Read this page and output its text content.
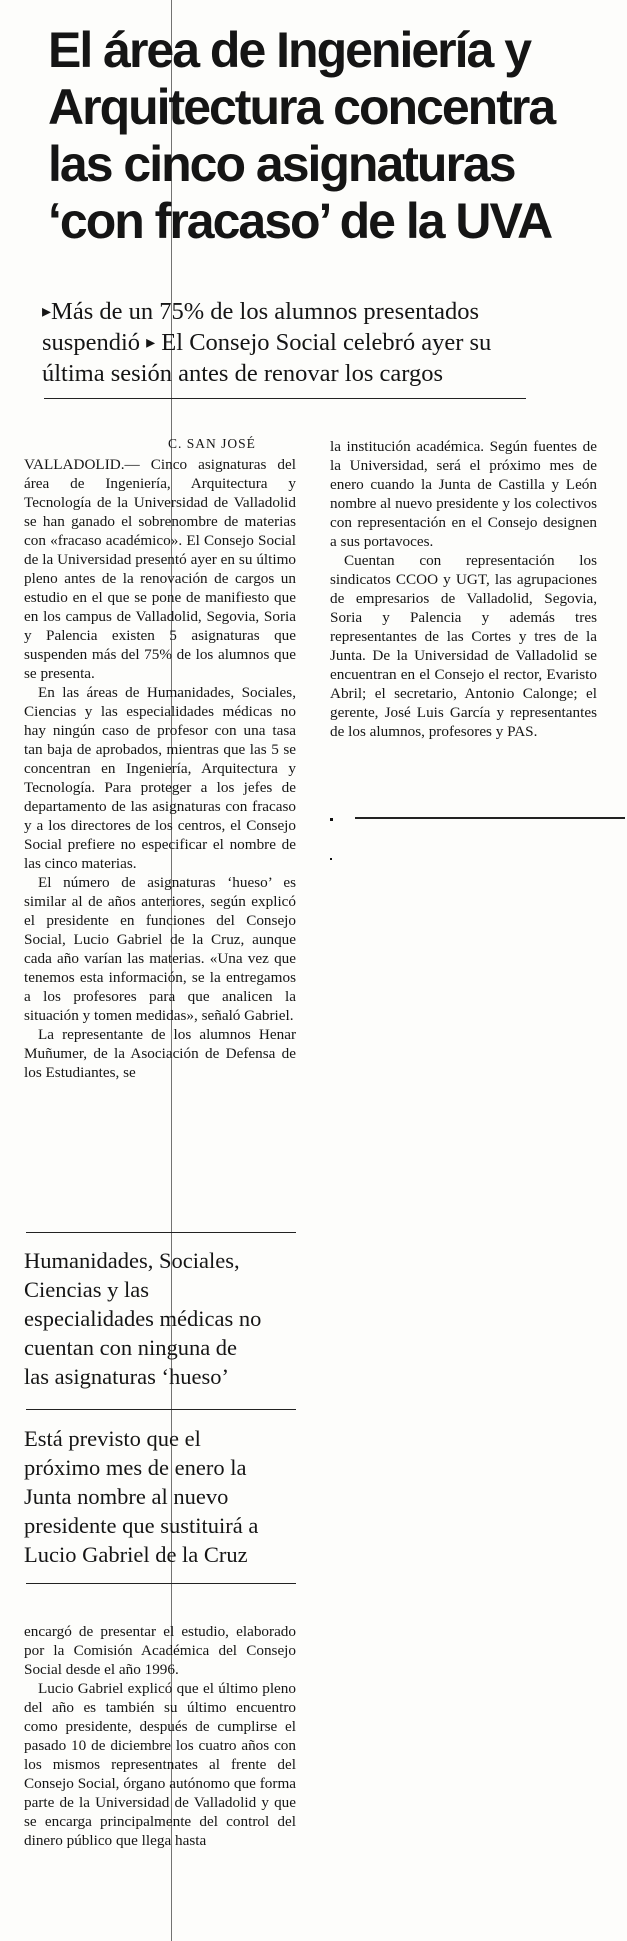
El área de Ingeniería y
Arquitectura concentra
las cinco asignaturas
‘con fracaso’ de la UVA
▸Más de un 75% de los alumnos presentados
suspendió ▸ El Consejo Social celebró ayer su
última sesión antes de renovar los cargos
C. SAN JOSÉ

VALLADOLID.— Cinco asignaturas del área de Ingeniería, Arquitectura y Tecnología de la Universidad de Valladolid se han ganado el sobrenombre de materias con «fracaso académico». El Consejo Social de la Universidad presentó ayer en su último pleno antes de la renovación de cargos un estudio en el que se pone de manifiesto que en los campus de Valladolid, Segovia, Soria y Palencia existen 5 asignaturas que suspenden más del 75% de los alumnos que se presenta.

En las áreas de Humanidades, Sociales, Ciencias y las especialidades médicas no hay ningún caso de profesor con una tasa tan baja de aprobados, mientras que las 5 se concentran en Ingeniería, Arquitectura y Tecnología. Para proteger a los jefes de departamento de las asignaturas con fracaso y a los directores de los centros, el Consejo Social prefiere no especificar el nombre de las cinco materias.

El número de asignaturas ‘hueso’ es similar al de años anteriores, según explicó el presidente en funciones del Consejo Social, Lucio Gabriel de la Cruz, aunque cada año varían las materias. «Una vez que tenemos esta información, se la entregamos a los profesores para que analicen la situación y tomen medidas», señaló Gabriel.

La representante de los alumnos Henar Muñumer, de la Asociación de Defensa de los Estudiantes, se

Humanidades, Sociales,
Ciencias y las
especialidades médicas no
cuentan con ninguna de
las asignaturas ‘hueso’
Está previsto que el
próximo mes de enero la
Junta nombre al nuevo
presidente que sustituirá a
Lucio Gabriel de la Cruz

encargó de presentar el estudio, elaborado por la Comisión Académica del Consejo Social desde el año 1996.

Lucio Gabriel explicó que el último pleno del año es también su último encuentro como presidente, después de cumplirse el pasado 10 de diciembre los cuatro años con los mismos representnates al frente del Consejo Social, órgano autónomo que forma parte de la Universidad de Valladolid y que se encarga principalmente del control del dinero público que llega hasta

la institución académica. Según fuentes de la Universidad, será el próximo mes de enero cuando la Junta de Castilla y León nombre al nuevo presidente y los colectivos con representación en el Consejo designen a sus portavoces.

Cuentan con representación los sindicatos CCOO y UGT, las agrupaciones de empresarios de Valladolid, Segovia, Soria y Palencia y además tres representantes de las Cortes y tres de la Junta. De la Universidad de Valladolid se encuentran en el Consejo el rector, Evaristo Abril; el secretario, Antonio Calonge; el gerente, José Luis García y representantes de los alumnos, profesores y PAS.
